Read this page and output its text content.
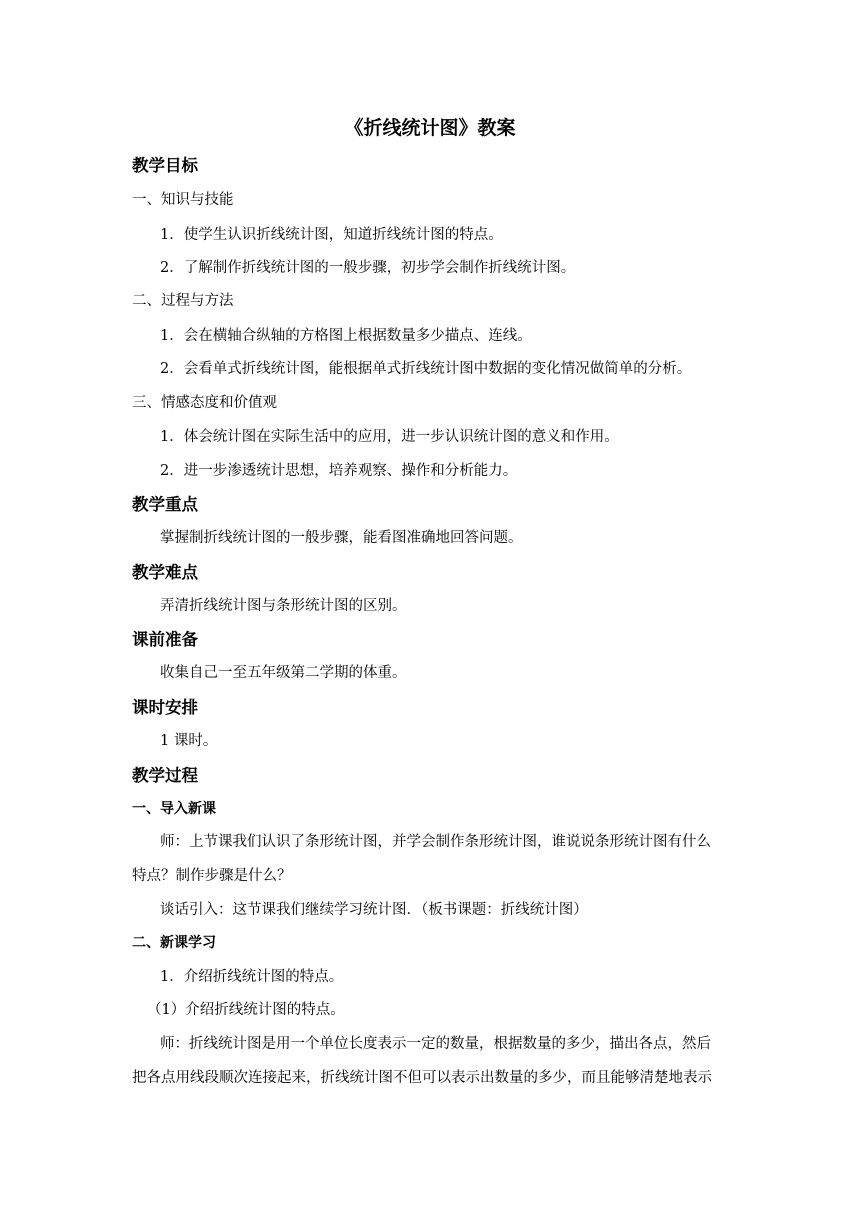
《折线统计图》教案
教学目标
一、知识与技能
1．使学生认识折线统计图，知道折线统计图的特点。
2．了解制作折线统计图的一般步骤，初步学会制作折线统计图。
二、过程与方法
1．会在横轴合纵轴的方格图上根据数量多少描点、连线。
2．会看单式折线统计图，能根据单式折线统计图中数据的变化情况做简单的分析。
三、情感态度和价值观
1．体会统计图在实际生活中的应用，进一步认识统计图的意义和作用。
2．进一步渗透统计思想，培养观察、操作和分析能力。
教学重点
掌握制折线统计图的一般步骤，能看图准确地回答问题。
教学难点
弄清折线统计图与条形统计图的区别。
课前准备
收集自己一至五年级第二学期的体重。
课时安排
1 课时。
教学过程
一、导入新课
师：上节课我们认识了条形统计图，并学会制作条形统计图，谁说说条形统计图有什么
特点？制作步骤是什么？
谈话引入：这节课我们继续学习统计图．（板书课题：折线统计图）
二、新课学习
1．介绍折线统计图的特点。
（1）介绍折线统计图的特点。
师：折线统计图是用一个单位长度表示一定的数量，根据数量的多少，描出各点，然后
把各点用线段顺次连接起来，折线统计图不但可以表示出数量的多少，而且能够清楚地表示
